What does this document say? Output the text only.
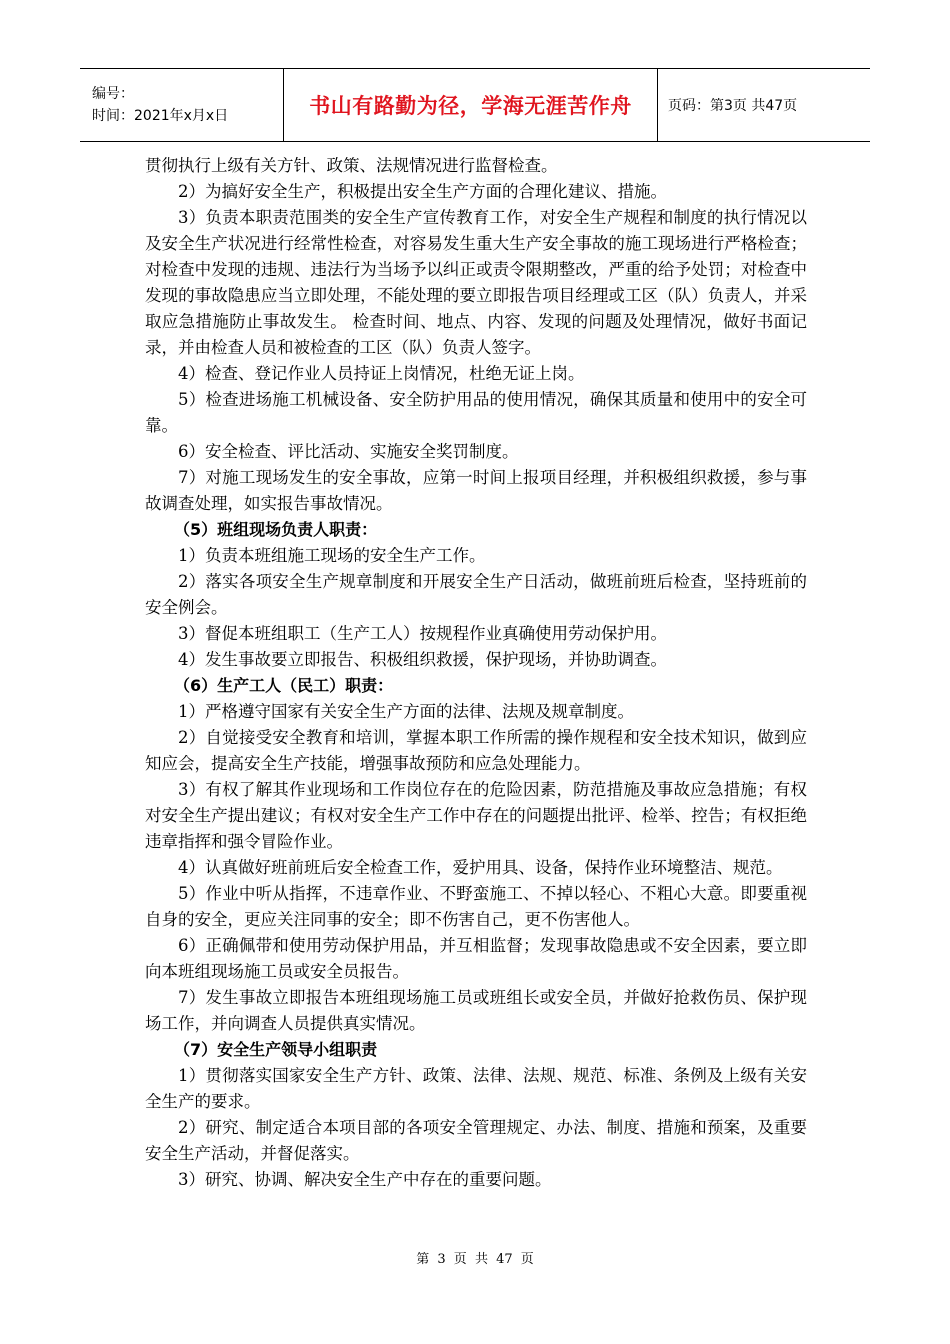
编号：
时间：2021年x月x日	书山有路勤为径，学海无涯苦作舟	页码：第3页 共47页

贯彻执行上级有关方针、政策、法规情况进行监督检查。

2）为搞好安全生产，积极提出安全生产方面的合理化建议、措施。

3）负责本职责范围类的安全生产宣传教育工作，对安全生产规程和制度的执行情况以及安全生产状况进行经常性检查，对容易发生重大生产安全事故的施工现场进行严格检查；对检查中发现的违规、违法行为当场予以纠正或责令限期整改，严重的给予处罚；对检查中发现的事故隐患应当立即处理，不能处理的要立即报告项目经理或工区（队）负责人，并采取应急措施防止事故发生。 检查时间、地点、内容、发现的问题及处理情况，做好书面记录，并由检查人员和被检查的工区（队）负责人签字。

4）检查、登记作业人员持证上岗情况，杜绝无证上岗。

5）检查进场施工机械设备、安全防护用品的使用情况，确保其质量和使用中的安全可靠。

6）安全检查、评比活动、实施安全奖罚制度。

7）对施工现场发生的安全事故，应第一时间上报项目经理，并积极组织救援，参与事故调查处理，如实报告事故情况。

（5）班组现场负责人职责：

1）负责本班组施工现场的安全生产工作。

2）落实各项安全生产规章制度和开展安全生产日活动，做班前班后检查，坚持班前的安全例会。

3）督促本班组职工（生产工人）按规程作业真确使用劳动保护用。

4）发生事故要立即报告、积极组织救援，保护现场，并协助调查。

（6）生产工人（民工）职责：

1）严格遵守国家有关安全生产方面的法律、法规及规章制度。

2）自觉接受安全教育和培训，掌握本职工作所需的操作规程和安全技术知识，做到应知应会，提高安全生产技能，增强事故预防和应急处理能力。

3）有权了解其作业现场和工作岗位存在的危险因素，防范措施及事故应急措施；有权对安全生产提出建议；有权对安全生产工作中存在的问题提出批评、检举、控告；有权拒绝违章指挥和强令冒险作业。

4）认真做好班前班后安全检查工作，爱护用具、设备，保持作业环境整洁、规范。

5）作业中听从指挥，不违章作业、不野蛮施工、不掉以轻心、不粗心大意。即要重视自身的安全，更应关注同事的安全；即不伤害自己，更不伤害他人。

6）正确佩带和使用劳动保护用品，并互相监督；发现事故隐患或不安全因素，要立即向本班组现场施工员或安全员报告。

7）发生事故立即报告本班组现场施工员或班组长或安全员，并做好抢救伤员、保护现场工作，并向调查人员提供真实情况。

（7）安全生产领导小组职责

1）贯彻落实国家安全生产方针、政策、法律、法规、规范、标准、条例及上级有关安全生产的要求。

2）研究、制定适合本项目部的各项安全管理规定、办法、制度、措施和预案，及重要安全生产活动，并督促落实。

3）研究、协调、解决安全生产中存在的重要问题。

第 3 页 共 47 页
